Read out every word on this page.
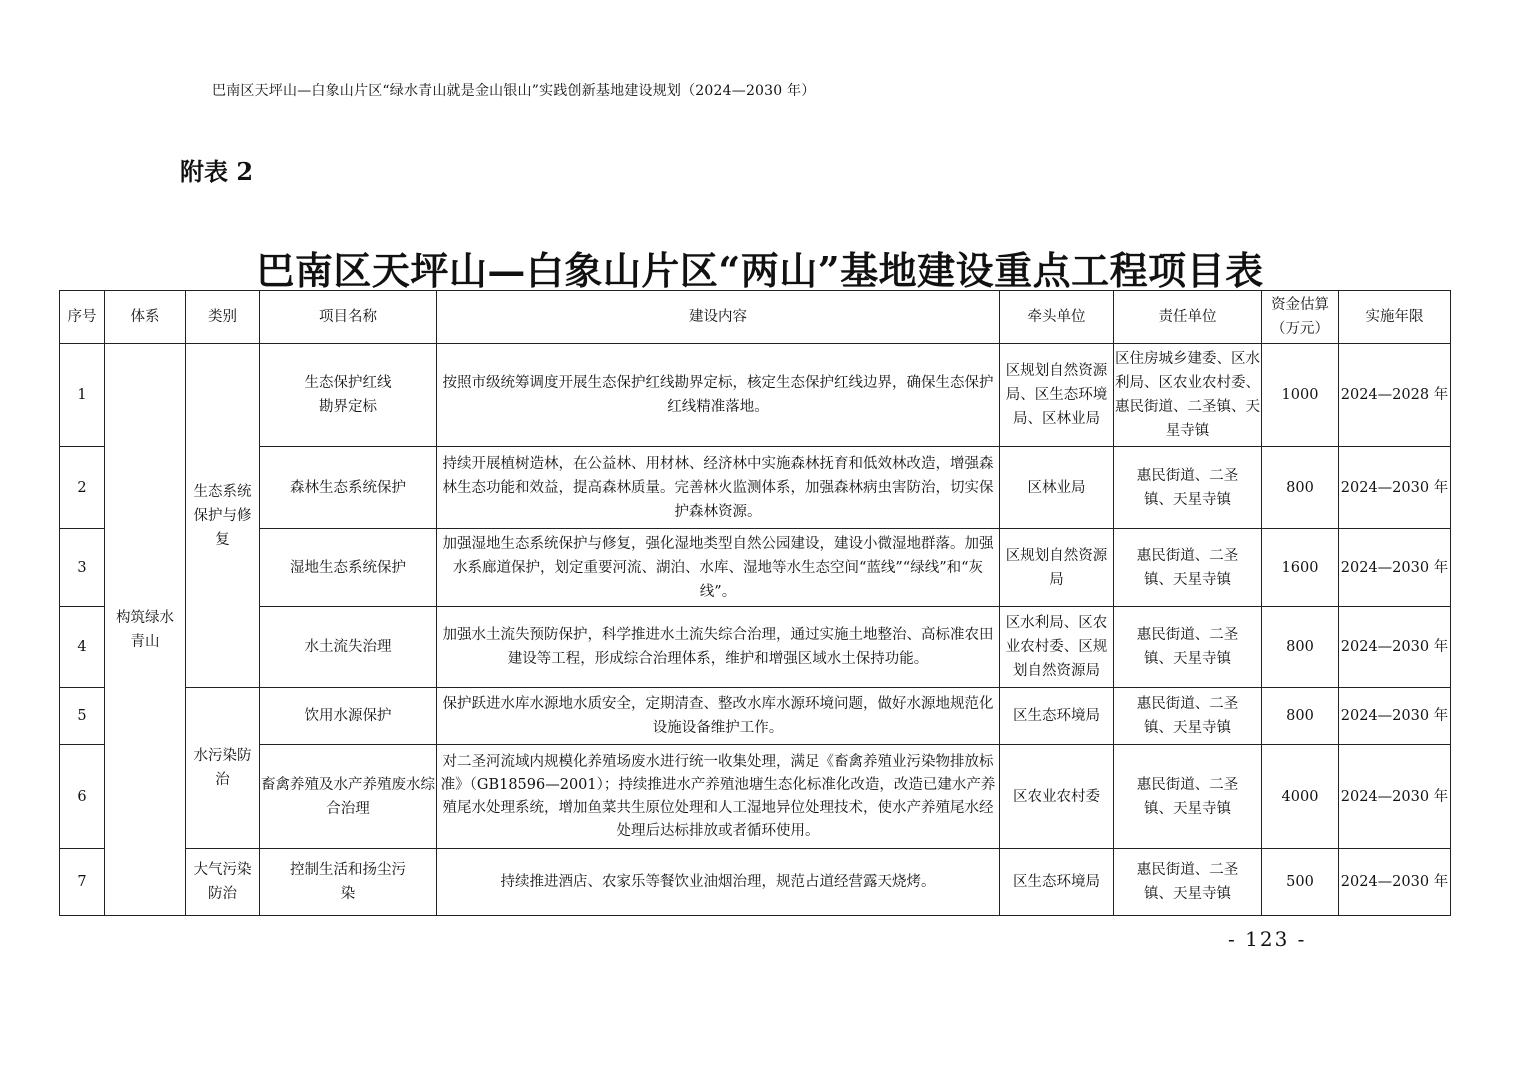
巴南区天坪山—白象山片区“绿水青山就是金山银山”实践创新基地建设规划（2024—2030 年）
附表 2
巴南区天坪山—白象山片区“两山”基地建设重点工程项目表
序号	体系	类别	项目名称	建设内容	牵头单位	责任单位	资金估算（万元）	实施年限
1	构筑绿水青山	生态系统保护与修复	生态保护红线勘界定标	按照市级统筹调度开展生态保护红线勘界定标，核定生态保护红线边界，确保生态保护红线精准落地。	区规划自然资源局、区生态环境局、区林业局	区住房城乡建委、区水利局、区农业农村委、惠民街道、二圣镇、天星寺镇	1000	2024—2028 年
2			森林生态系统保护	持续开展植树造林，在公益林、用材林、经济林中实施森林抚育和低效林改造，增强森林生态功能和效益，提高森林质量。完善林火监测体系，加强森林病虫害防治，切实保护森林资源。	区林业局	惠民街道、二圣镇、天星寺镇	800	2024—2030 年
3			湿地生态系统保护	加强湿地生态系统保护与修复，强化湿地类型自然公园建设，建设小微湿地群落。加强水系廊道保护，划定重要河流、湖泊、水库、湿地等水生态空间“蓝线”“绿线”和“灰线”。	区规划自然资源局	惠民街道、二圣镇、天星寺镇	1600	2024—2030 年
4			水土流失治理	加强水土流失预防保护，科学推进水土流失综合治理，通过实施土地整治、高标准农田建设等工程，形成综合治理体系，维护和增强区域水土保持功能。	区水利局、区农业农村委、区规划自然资源局	惠民街道、二圣镇、天星寺镇	800	2024—2030 年
5		水污染防治	饮用水源保护	保护跃进水库水源地水质安全，定期清查、整改水库水源环境问题，做好水源地规范化设施设备维护工作。	区生态环境局	惠民街道、二圣镇、天星寺镇	800	2024—2030 年
6			畜禽养殖及水产养殖废水综合治理	对二圣河流域内规模化养殖场废水进行统一收集处理，满足《畜禽养殖业污染物排放标准》（GB18596—2001）；持续推进水产养殖池塘生态化标准化改造，改造已建水产养殖尾水处理系统，增加鱼菜共生原位处理和人工湿地异位处理技术，使水产养殖尾水经处理后达标排放或者循环使用。	区农业农村委	惠民街道、二圣镇、天星寺镇	4000	2024—2030 年
7		大气污染防治	控制生活和扬尘污染	持续推进酒店、农家乐等餐饮业油烟治理，规范占道经营露天烧烤。	区生态环境局	惠民街道、二圣镇、天星寺镇	500	2024—2030 年
- 123 -
